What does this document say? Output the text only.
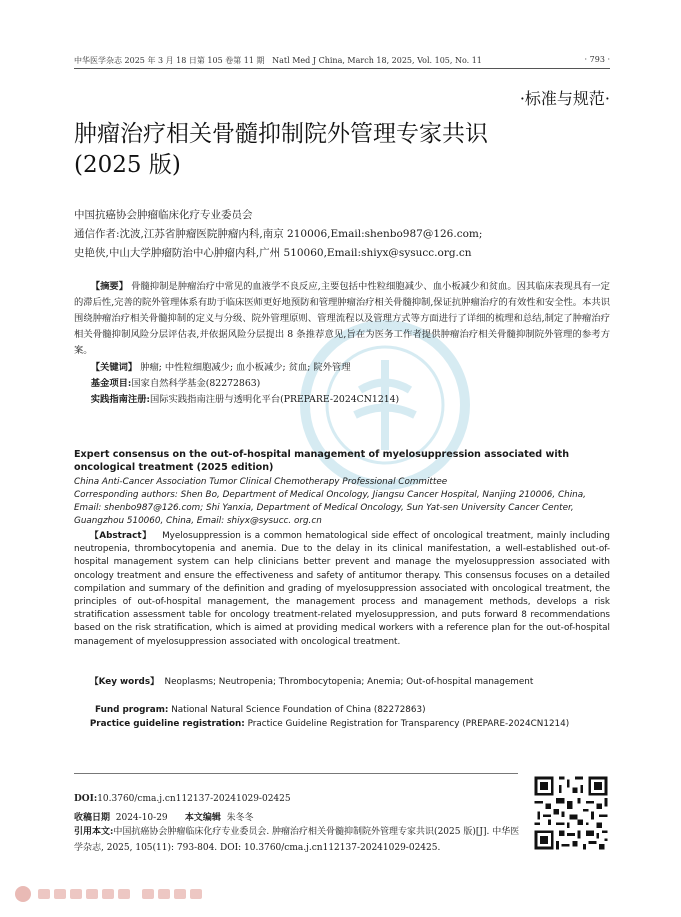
中华医学杂志 2025 年 3 月 18 日第 105 卷第 11 期 Natl Med J China, March 18, 2025, Vol. 105, No. 11	· 793 ·
·标准与规范·
肿瘤治疗相关骨髓抑制院外管理专家共识
(2025 版)
中国抗癌协会肿瘤临床化疗专业委员会
通信作者:沈波,江苏省肿瘤医院肿瘤内科,南京 210006,Email:shenbo987@126.com;
史艳侠,中山大学肿瘤防治中心肿瘤内科,广州 510060,Email:shiyx@sysucc.org.cn
【摘要】 骨髓抑制是肿瘤治疗中常见的血液学不良反应,主要包括中性粒细胞减少、血小板减少和贫血。因其临床表现具有一定的滞后性,完善的院外管理体系有助于临床医师更好地预防和管理肿瘤治疗相关骨髓抑制,保证抗肿瘤治疗的有效性和安全性。本共识围绕肿瘤治疗相关骨髓抑制的定义与分级、院外管理原则、管理流程以及管理方式等方面进行了详细的梳理和总结,制定了肿瘤治疗相关骨髓抑制风险分层评估表,并依据风险分层提出 8 条推荐意见,旨在为医务工作者提供肿瘤治疗相关骨髓抑制院外管理的参考方案。
【关键词】 肿瘤; 中性粒细胞减少; 血小板减少; 贫血; 院外管理
基金项目:国家自然科学基金(82272863)
实践指南注册:国际实践指南注册与透明化平台(PREPARE-2024CN1214)
Expert consensus on the out-of-hospital management of myelosuppression associated with oncological treatment (2025 edition)
China Anti-Cancer Association Tumor Clinical Chemotherapy Professional Committee
Corresponding authors: Shen Bo, Department of Medical Oncology, Jiangsu Cancer Hospital, Nanjing 210006, China, Email: shenbo987@126.com; Shi Yanxia, Department of Medical Oncology, Sun Yat-sen University Cancer Center, Guangzhou 510060, China, Email: shiyx@sysucc. org.cn
【Abstract】 Myelosuppression is a common hematological side effect of oncological treatment, mainly including neutropenia, thrombocytopenia and anemia. Due to the delay in its clinical manifestation, a well-established out-of-hospital management system can help clinicians better prevent and manage the myelosuppression associated with oncology treatment and ensure the effectiveness and safety of antitumor therapy. This consensus focuses on a detailed compilation and summary of the definition and grading of myelosuppression associated with oncological treatment, the principles of out-of-hospital management, the management process and management methods, develops a risk stratification assessment table for oncology treatment-related myelosuppression, and puts forward 8 recommendations based on the risk stratification, which is aimed at providing medical workers with a reference plan for the out-of-hospital management of myelosuppression associated with oncological treatment.
【Key words】 Neoplasms; Neutropenia; Thrombocytopenia; Anemia; Out-of-hospital management
Fund program: National Natural Science Foundation of China (82272863)
Practice guideline registration: Practice Guideline Registration for Transparency (PREPARE-2024CN1214)
DOI:10.3760/cma.j.cn112137-20241029-02425
收稿日期 2024-10-29 本文编辑 朱冬冬
引用本文:中国抗癌协会肿瘤临床化疗专业委员会. 肿瘤治疗相关骨髓抑制院外管理专家共识(2025 版)[J]. 中华医学杂志, 2025, 105(11): 793-804. DOI: 10.3760/cma.j.cn112137-20241029-02425.
